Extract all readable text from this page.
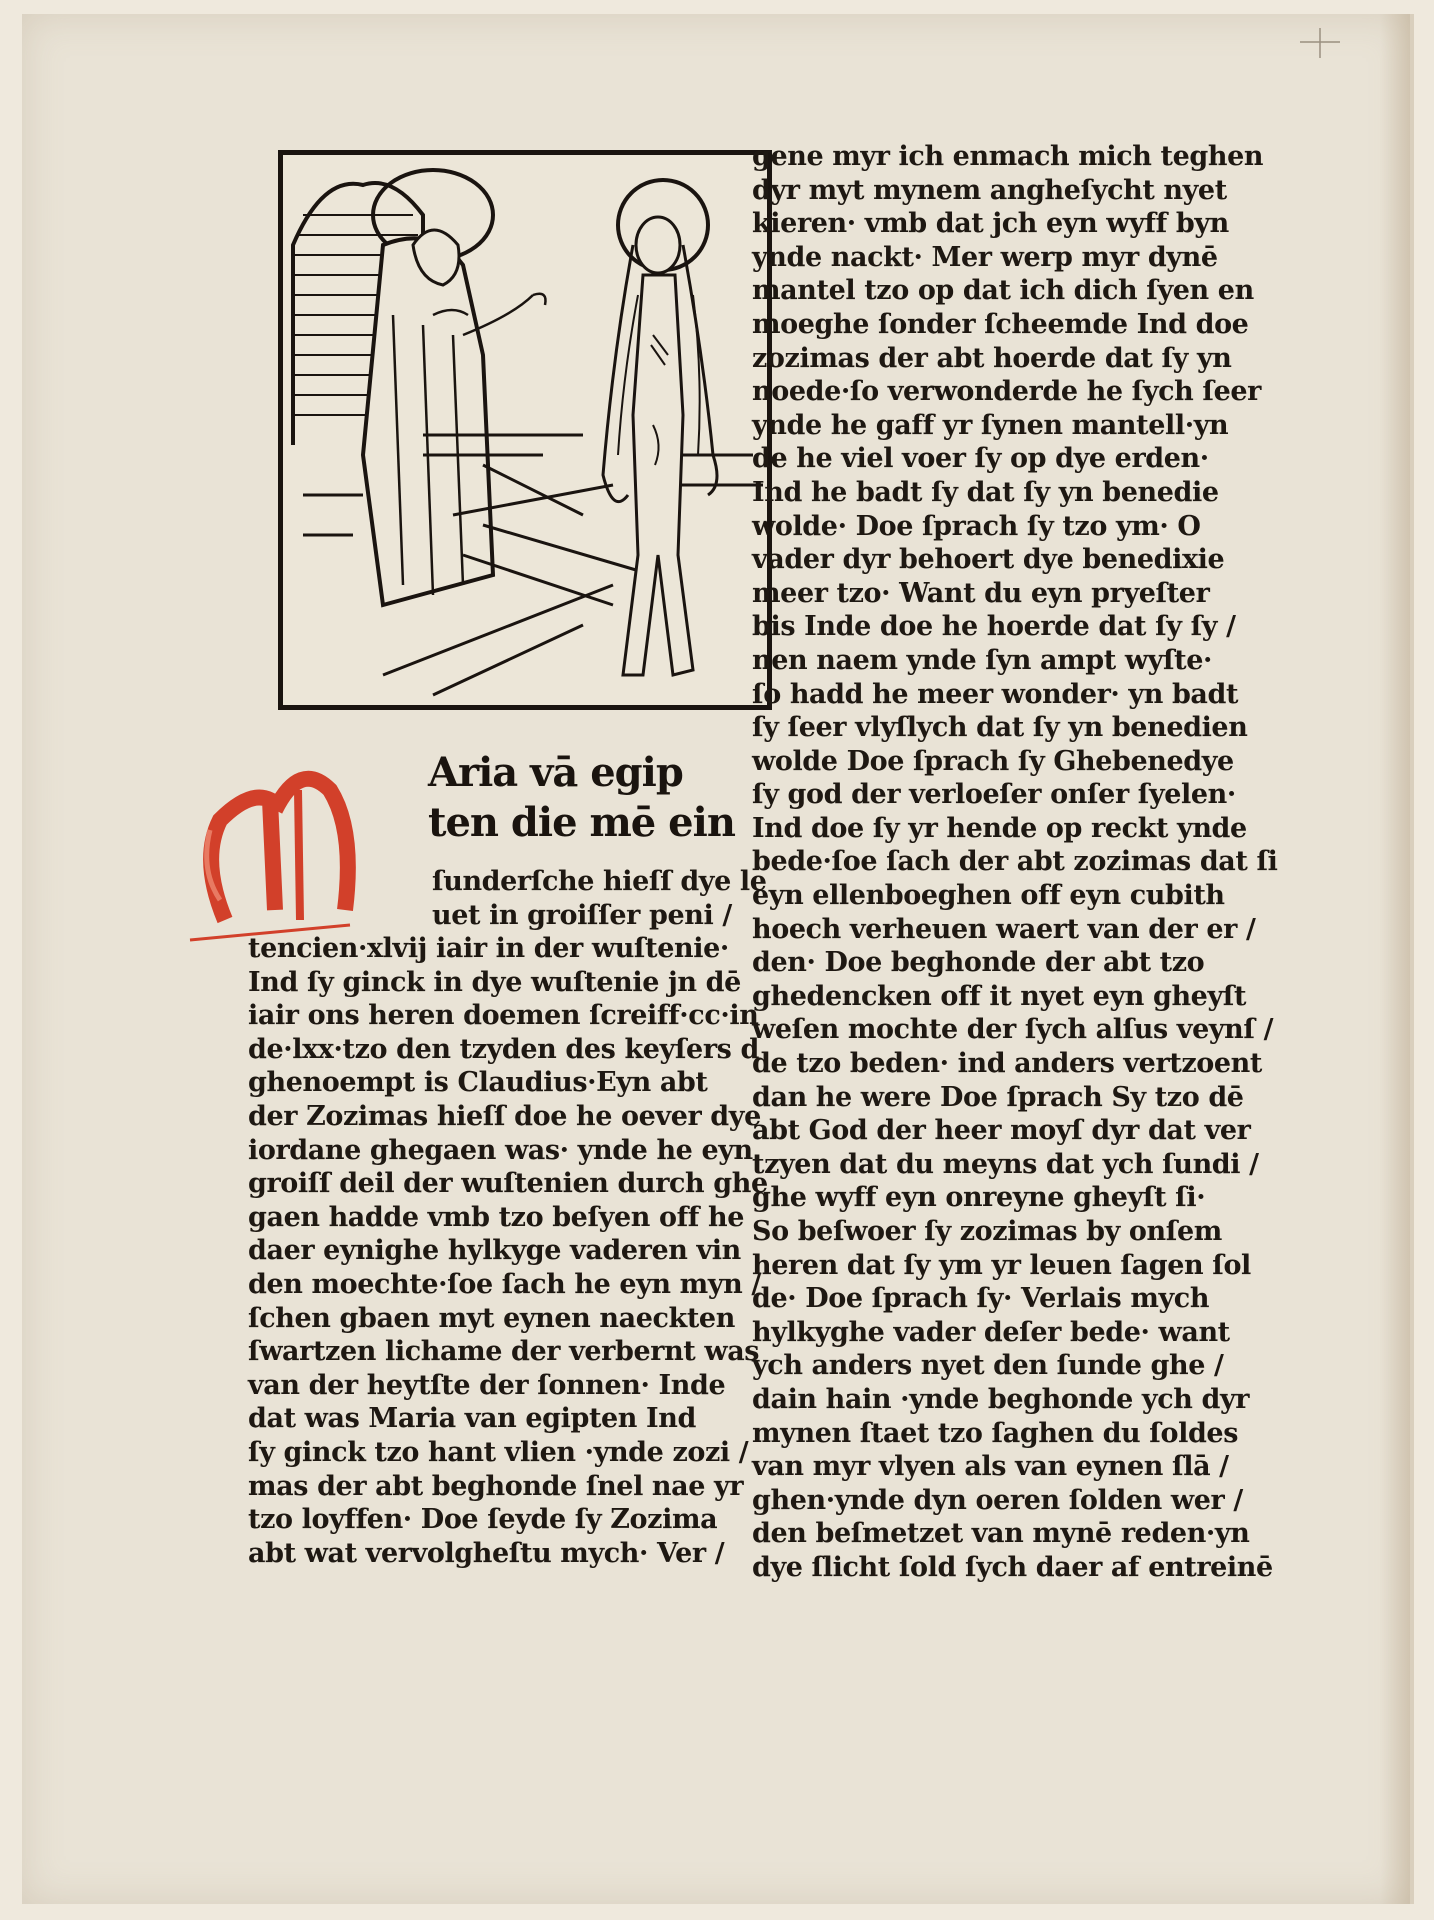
Aria vā egip
ten die mē ein
ſunderſche hieſſ dye le
uet in groiſſer peni /
tencien·xlvij iair in der wuſtenie·
Ind ſy ginck in dye wuſtenie jn dē
iair ons heren doemen ſcreiff·cc·in
de·lxx·tzo den tzyden des keyſers d
ghenoempt is Claudius·Eyn abt
der Zozimas hieſſ doe he oever dye
iordane ghegaen was· ynde he eyn
groiſſ deil der wuſtenien durch ghe
gaen hadde vmb tzo beſyen off he
daer eynighe hylkyge vaderen vin
den moechte·ſoe ſach he eyn myn /
ſchen gbaen myt eynen naeckten
ſwartzen lichame der verbernt was
van der heytſte der ſonnen· Inde
dat was Maria van egipten Ind
ſy ginck tzo hant vlien ·ynde zozi /
mas der abt beghonde ſnel nae yr
tzo loyffen· Doe ſeyde ſy Zozima
abt wat vervolgheſtu mych· Ver /
gene myr ich enmach mich teghen
dyr myt mynem angheſycht nyet
kieren· vmb dat jch eyn wyff byn
ynde nackt· Mer werp myr dynē
mantel tzo op dat ich dich ſyen en
moeghe ſonder ſcheemde Ind doe
zozimas der abt hoerde dat ſy yn
noede·ſo verwonderde he ſych ſeer
ynde he gaff yr ſynen mantell·yn
de he viel voer ſy op dye erden·
Ind he badt ſy dat ſy yn benedie
wolde· Doe ſprach ſy tzo ym· O
vader dyr behoert dye benedixie
meer tzo· Want du eyn pryeſter
bis Inde doe he hoerde dat ſy ſy /
nen naem ynde ſyn ampt wyſte·
ſo hadd he meer wonder· yn badt
ſy ſeer vlyſlych dat ſy yn benedien
wolde Doe ſprach ſy Ghebenedye
ſy god der verloeſer onſer ſyelen·
Ind doe ſy yr hende op reckt ynde
bede·ſoe ſach der abt zozimas dat ſi
eyn ellenboeghen off eyn cubith
hoech verheuen waert van der er /
den· Doe beghonde der abt tzo
ghedencken off it nyet eyn gheyſt
weſen mochte der ſych alſus veynſ /
de tzo beden· ind anders vertzoent
dan he were Doe ſprach Sy tzo dē
abt God der heer moyſ dyr dat ver
tzyen dat du meyns dat ych ſundi /
ghe wyff eyn onreyne gheyſt ſi·
So beſwoer ſy zozimas by onſem
heren dat ſy ym yr leuen ſagen ſol
de· Doe ſprach ſy· Verlais mych
hylkyghe vader deſer bede· want
ych anders nyet den ſunde ghe /
dain hain ·ynde beghonde ych dyr
mynen ſtaet tzo ſaghen du ſoldes
van myr vlyen als van eynen ſlā /
ghen·ynde dyn oeren ſolden wer /
den beſmetzet van mynē reden·yn
dye ſlicht ſold ſych daer af entreinē
